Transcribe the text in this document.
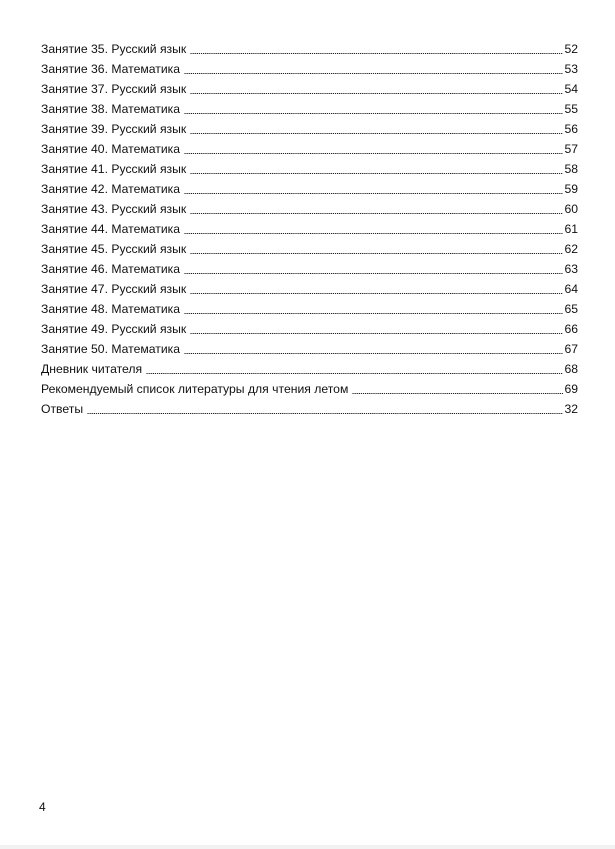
Занятие 35. Русский язык	52
Занятие 36. Математика	53
Занятие 37. Русский язык	54
Занятие 38. Математика	55
Занятие 39. Русский язык	56
Занятие 40. Математика	57
Занятие 41. Русский язык	58
Занятие 42. Математика	59
Занятие 43. Русский язык	60
Занятие 44. Математика	61
Занятие 45. Русский язык	62
Занятие 46. Математика	63
Занятие 47. Русский язык	64
Занятие 48. Математика	65
Занятие 49. Русский язык	66
Занятие 50. Математика	67
Дневник читателя	68
Рекомендуемый список литературы для чтения летом	69
Ответы	32
4
